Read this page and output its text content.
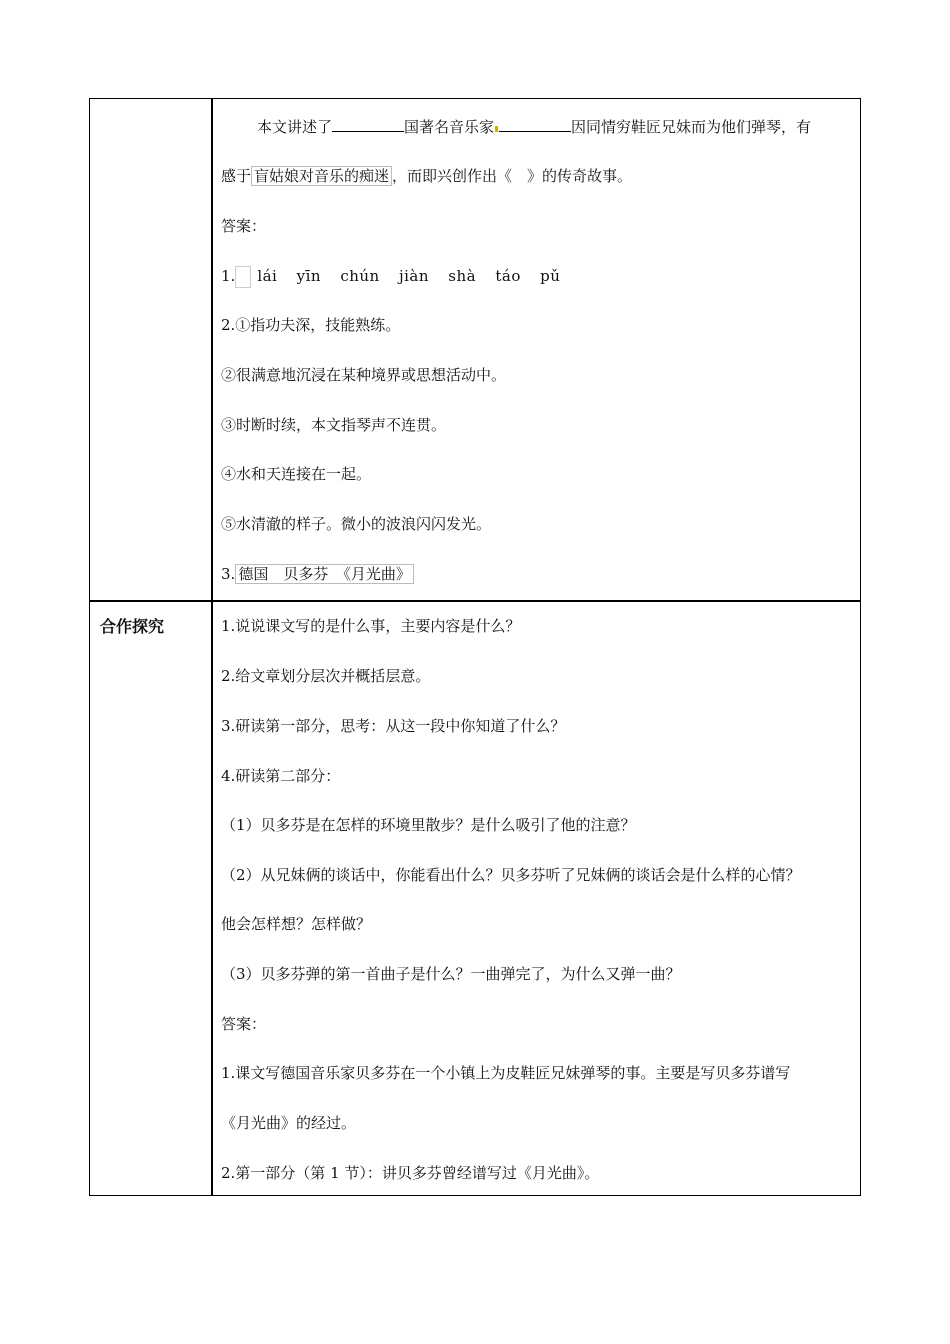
本文讲述了	国著名音乐家	因同情穷鞋匠兄妹而为他们弹琴，有
感于 盲姑娘对音乐的痴迷 ，而即兴创作出《　》的传奇故事。
答案：
1. lái yīn chún jiàn shà táo pǔ
2.①指功夫深，技能熟练。
②很满意地沉浸在某种境界或思想活动中。
③时断时续，本文指琴声不连贯。
④水和天连接在一起。
⑤水清澈的样子。微小的波浪闪闪发光。
3. 德国　贝多芬　《月光曲》
合作探究	1.说说课文写的是什么事，主要内容是什么？
2.给文章划分层次并概括层意。
3.研读第一部分，思考：从这一段中你知道了什么？
4.研读第二部分：
（1）贝多芬是在怎样的环境里散步？是什么吸引了他的注意？
（2）从兄妹俩的谈话中，你能看出什么？贝多芬听了兄妹俩的谈话会是什么样的心情？
他会怎样想？怎样做？
（3）贝多芬弹的第一首曲子是什么？一曲弹完了，为什么又弹一曲？
答案：
1.课文写德国音乐家贝多芬在一个小镇上为皮鞋匠兄妹弹琴的事。主要是写贝多芬谱写
《月光曲》的经过。
2.第一部分（第 1 节）：讲贝多芬曾经谱写过《月光曲》。
